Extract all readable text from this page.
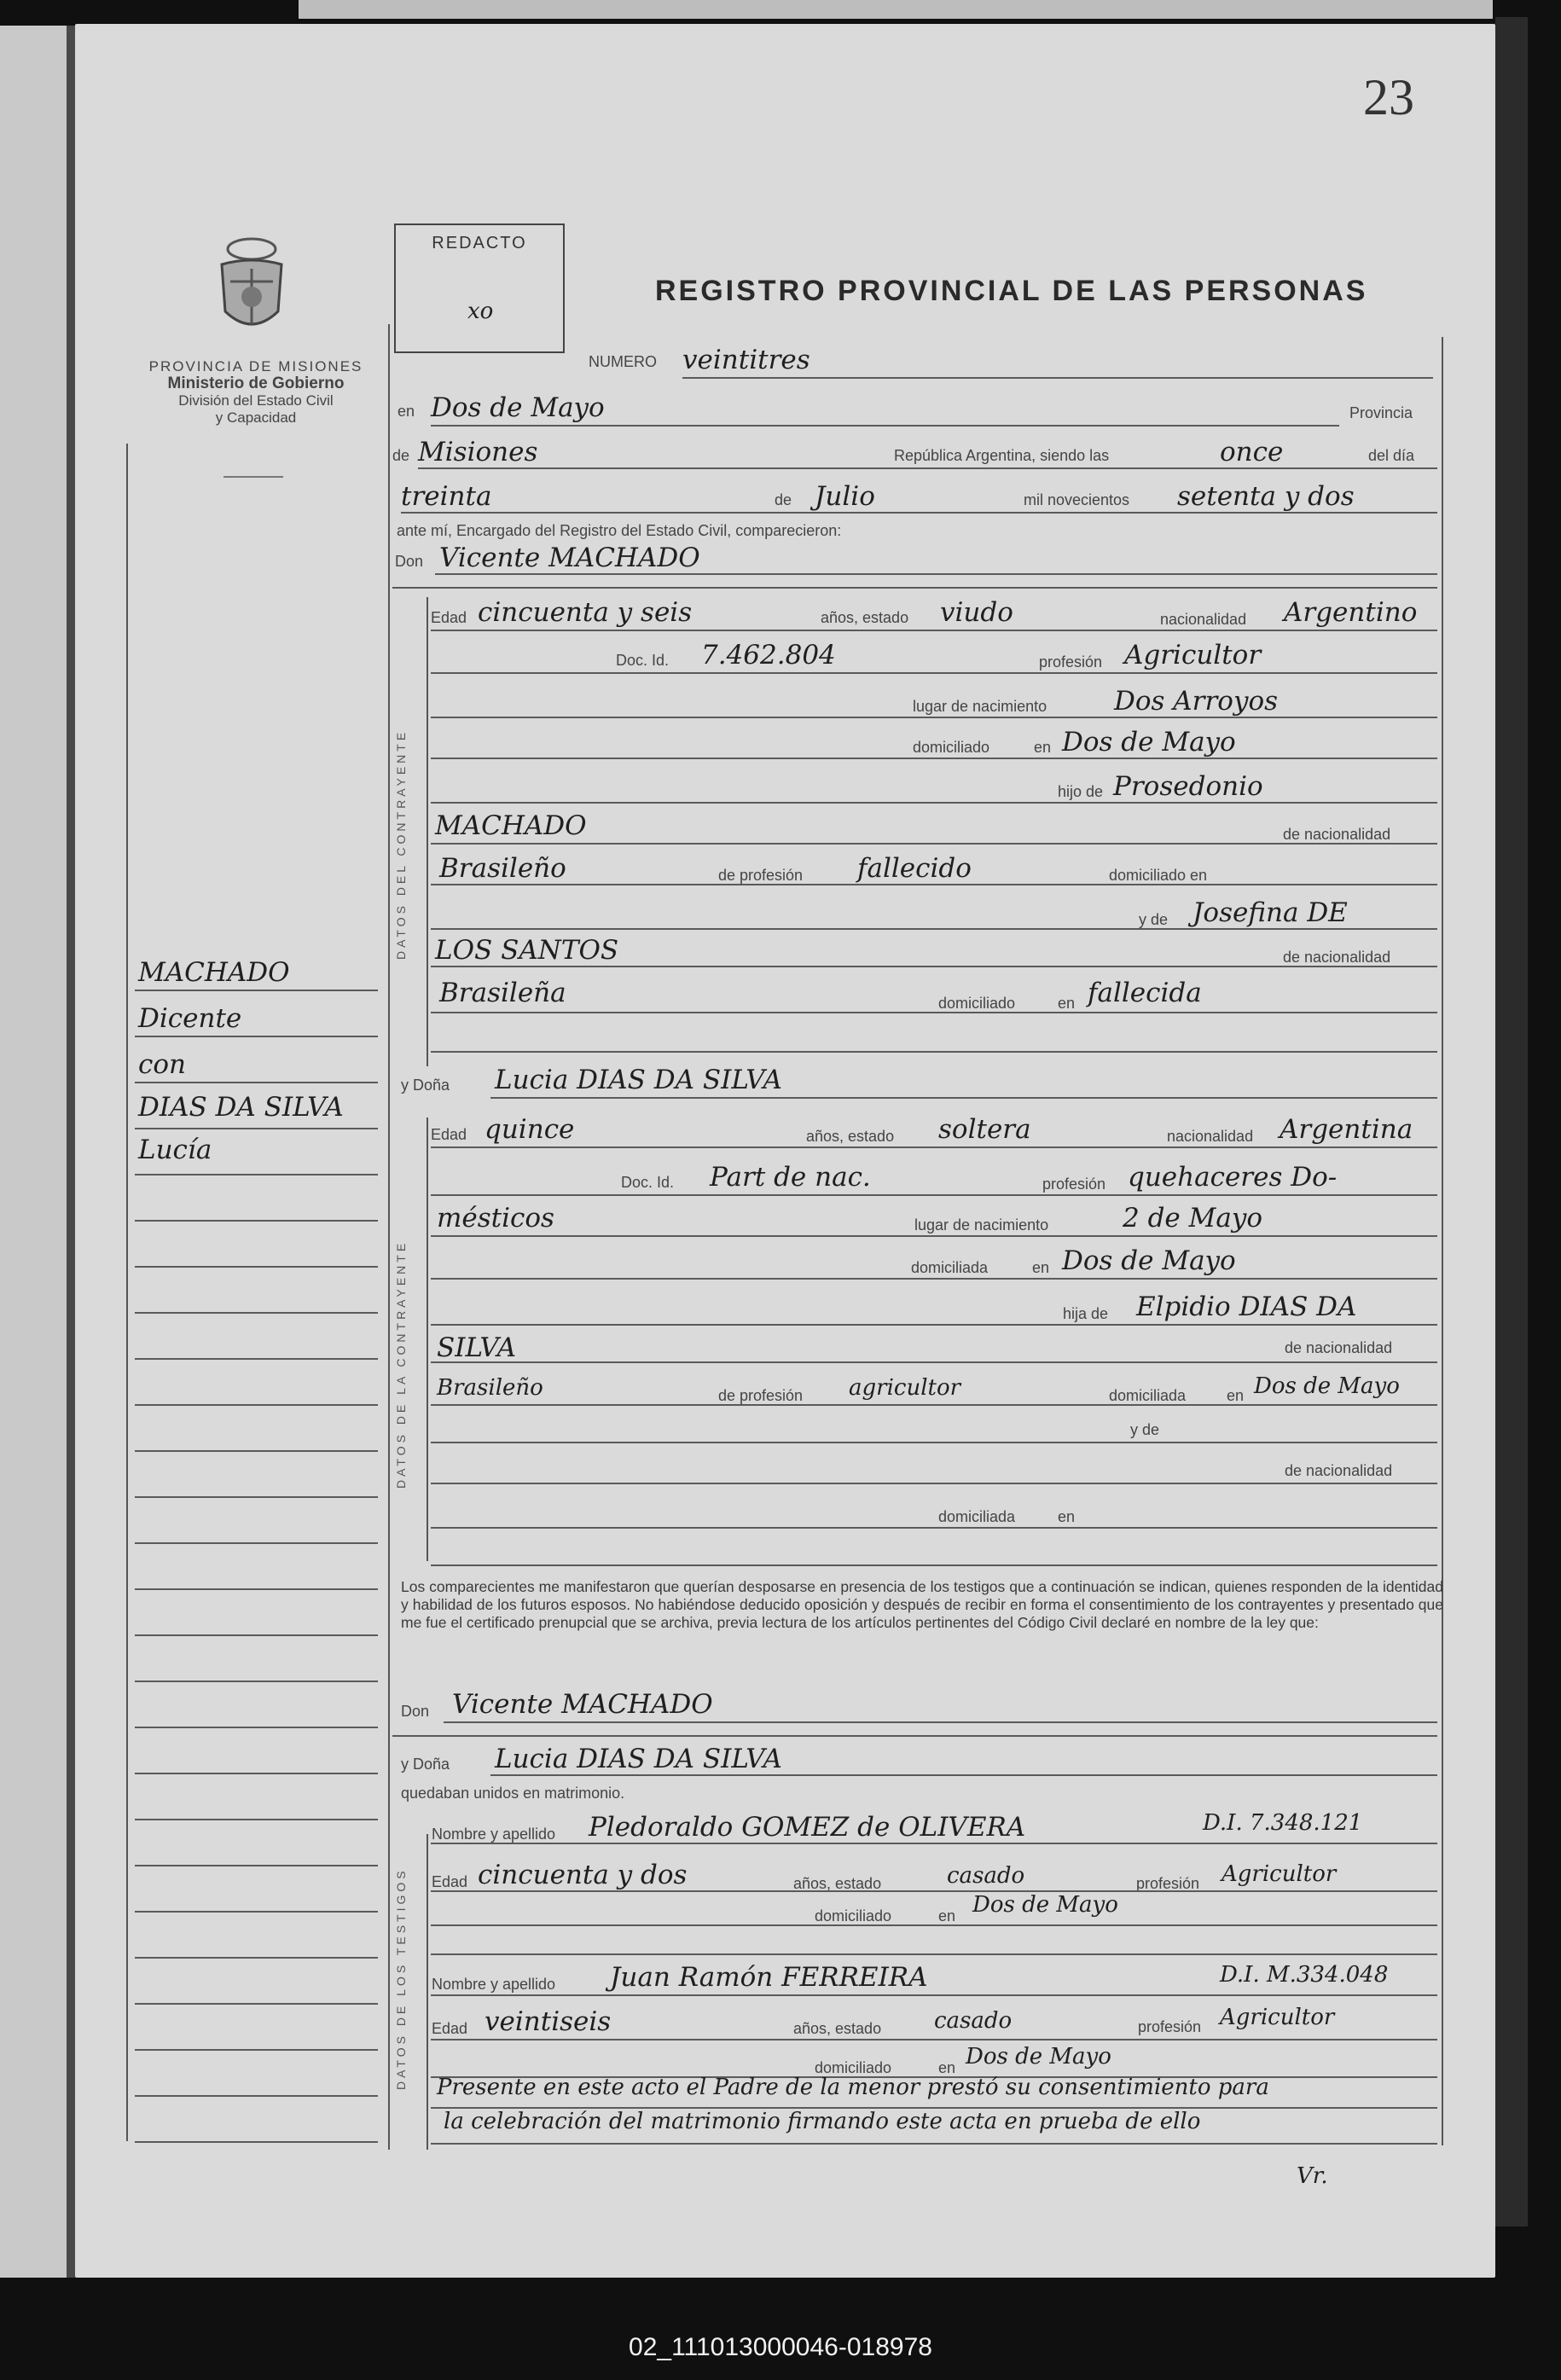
23
PROVINCIA DE MISIONES
Ministerio de Gobierno
División del Estado Civil
y Capacidad
REDACTO
xo
REGISTRO PROVINCIAL DE LAS PERSONAS
MACHADO
Dicente
con
DIAS DA SILVA
Lucía
NUMERO veintitres
en Dos de Mayo	Provincia
de Misiones	República Argentina, siendo las	once	del día
treinta	de Julio	mil novecientos setenta y dos
ante mí, Encargado del Registro del Estado Civil, comparecieron:
Don Vicente MACHADO
DATOS DEL CONTRAYENTE
Edad cincuenta y seis	años, estado viudo	nacionalidad Argentino
Doc. Id. 7.462.804	profesión Agricultor
lugar de nacimiento	Dos Arroyos
domiciliado	en Dos de Mayo
hijo de Prosedonio
MACHADO	de nacionalidad
Brasileño	de profesión fallecido	domiciliado en
y de Josefina DE
LOS SANTOS	de nacionalidad
Brasileña	domiciliado	en fallecida
y Doña Lucia DIAS DA SILVA
DATOS DE LA CONTRAYENTE
Edad quince	años, estado soltera	nacionalidad Argentina
Doc. Id. Part de nac.	profesión quehaceres Do-
mésticos	lugar de nacimiento	2 de Mayo
domiciliada	en Dos de Mayo
hija de Elpidio DIAS DA
SILVA	de nacionalidad
Brasileño	de profesión agricultor	domiciliada	en Dos de Mayo
y de
de nacionalidad
domiciliada	en
Los comparecientes me manifestaron que querían desposarse en presencia de los testigos que a continuación se indican, quienes responden de la identidad y habilidad de los futuros esposos. No habiéndose deducido oposición y después de recibir en forma el consentimiento de los contrayentes y presentado que me fue el certificado prenupcial que se archiva, previa lectura de los artículos pertinentes del Código Civil declaré en nombre de la ley que:
Don Vicente MACHADO
y Doña Lucia DIAS DA SILVA
quedaban unidos en matrimonio.
DATOS DE LOS TESTIGOS
Nombre y apellido Pledoraldo GOMEZ de OLIVERA	D.I. 7.348.121
Edad cincuenta y dos	años, estado	casado	profesión Agricultor
domiciliado	en Dos de Mayo
Nombre y apellido Juan Ramón FERREIRA	D.I. M.334.048
Edad veintiseis	años, estado casado	profesión Agricultor
domiciliado	en Dos de Mayo
Presente en este acto el Padre de la menor prestó su consentimiento para
la celebración del matrimonio firmando este acta en prueba de ello
Vr.
02_111013000046-018978
